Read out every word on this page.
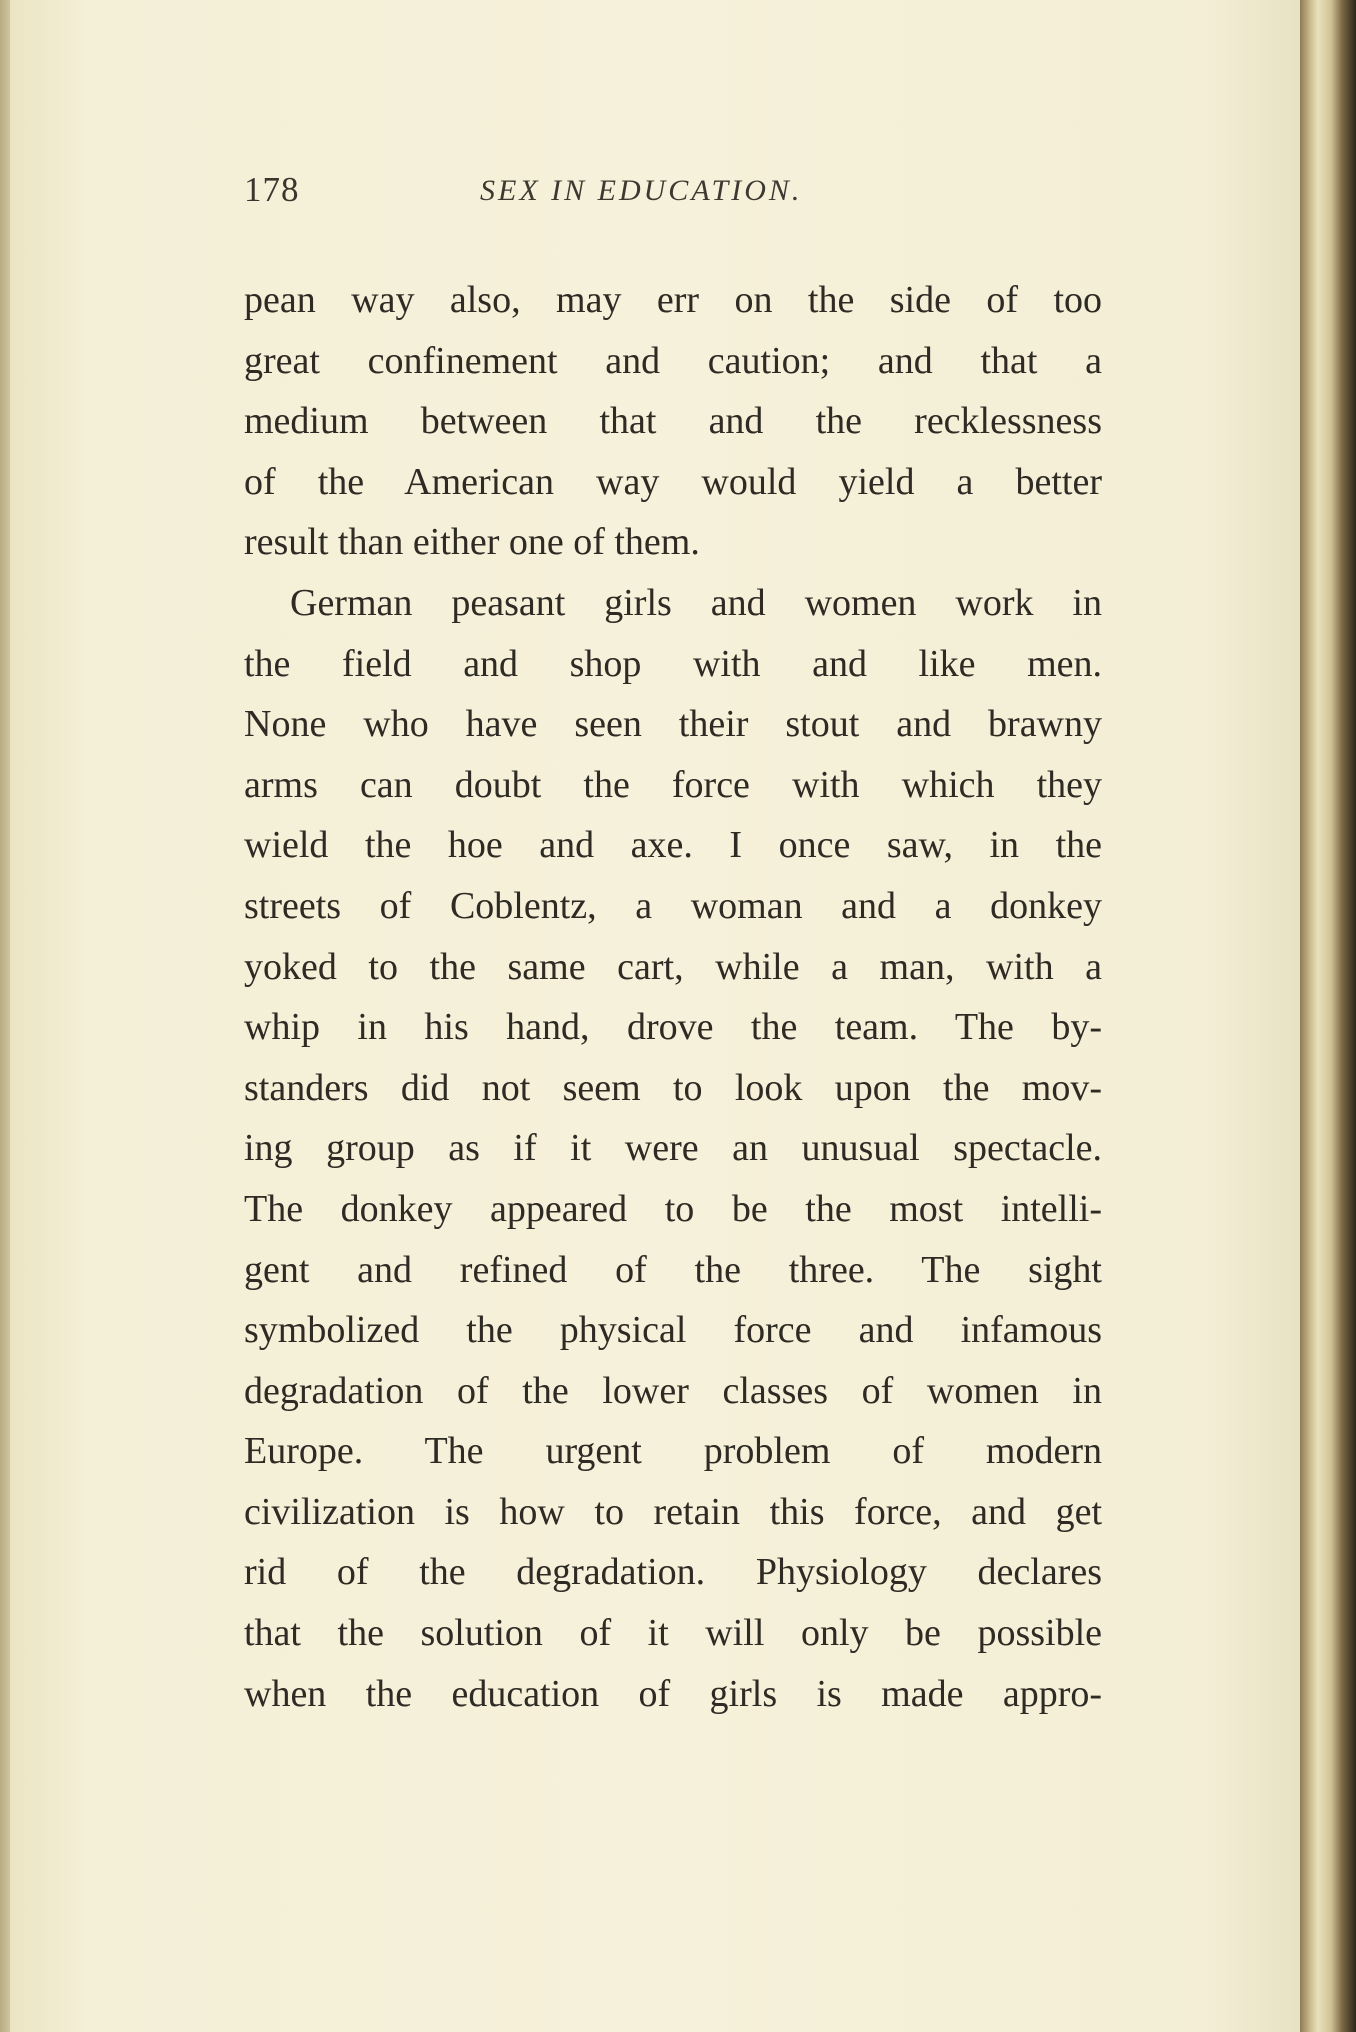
178	SEX IN EDUCATION.
pean way also, may err on the side of too
great confinement and caution; and that a
medium between that and the recklessness
of the American way would yield a better
result than either one of them.
German peasant girls and women work in
the field and shop with and like men.
None who have seen their stout and brawny
arms can doubt the force with which they
wield the hoe and axe. I once saw, in the
streets of Coblentz, a woman and a donkey
yoked to the same cart, while a man, with a
whip in his hand, drove the team. The by-
standers did not seem to look upon the mov-
ing group as if it were an unusual spectacle.
The donkey appeared to be the most intelli-
gent and refined of the three. The sight
symbolized the physical force and infamous
degradation of the lower classes of women in
Europe. The urgent problem of modern
civilization is how to retain this force, and get
rid of the degradation. Physiology declares
that the solution of it will only be possible
when the education of girls is made appro-
